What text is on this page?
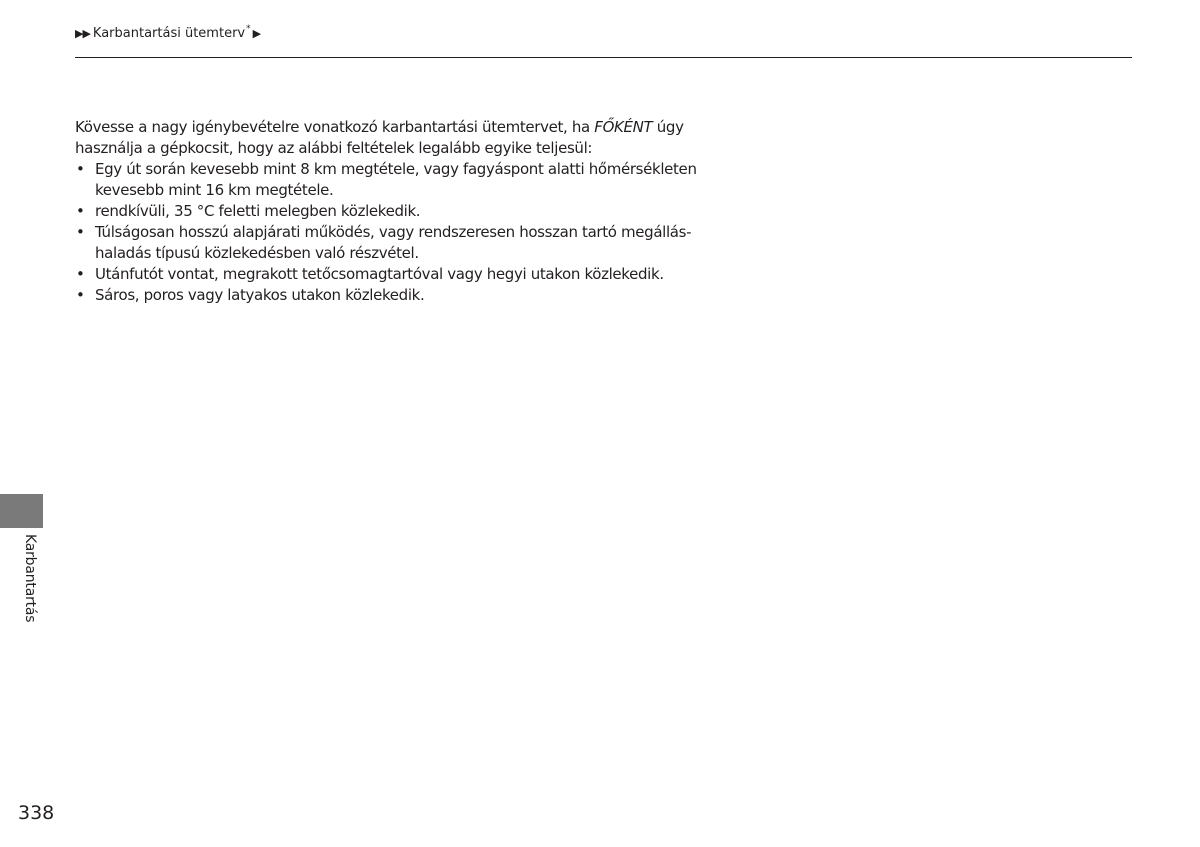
▶▶ Karbantartási ütemterv * ▶

Kövesse a nagy igénybevételre vonatkozó karbantartási ütemtervet, ha FŐKÉNT úgy használja a gépkocsit, hogy az alábbi feltételek legalább egyike teljesül:

• Egy út során kevesebb mint 8 km megtétele, vagy fagyáspont alatti hőmérsékleten kevesebb mint 16 km megtétele.
• rendkívüli, 35 °C feletti melegben közlekedik.
• Túlságosan hosszú alapjárati működés, vagy rendszeresen hosszan tartó megállás-haladás típusú közlekedésben való részvétel.
• Utánfutót vontat, megrakott tetőcsomagtartóval vagy hegyi utakon közlekedik.
• Sáros, poros vagy latyakos utakon közlekedik.
Karbantartás
338
